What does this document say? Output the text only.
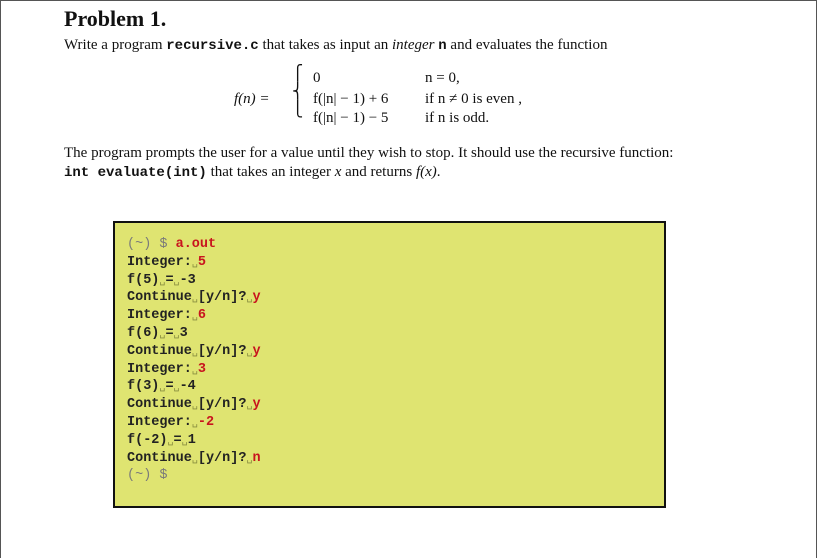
Problem 1.
Write a program recursive.c that takes as input an integer n and evaluates the function
f(n) =
⎧
⎨
⎩
0
f(|n| − 1) + 6
f(|n| − 1) − 5
n = 0,
if n ≠ 0 is even ,
if n is odd.
The program prompts the user for a value until they wish to stop. It should use the recursive function:
int evaluate(int) that takes an integer x and returns f(x).
(~) $ a.out
Integer:␣5
f(5)␣=␣-3
Continue␣[y/n]?␣y
Integer:␣6
f(6)␣=␣3
Continue␣[y/n]?␣y
Integer:␣3
f(3)␣=␣-4
Continue␣[y/n]?␣y
Integer:␣-2
f(-2)␣=␣1
Continue␣[y/n]?␣n
(~) $
